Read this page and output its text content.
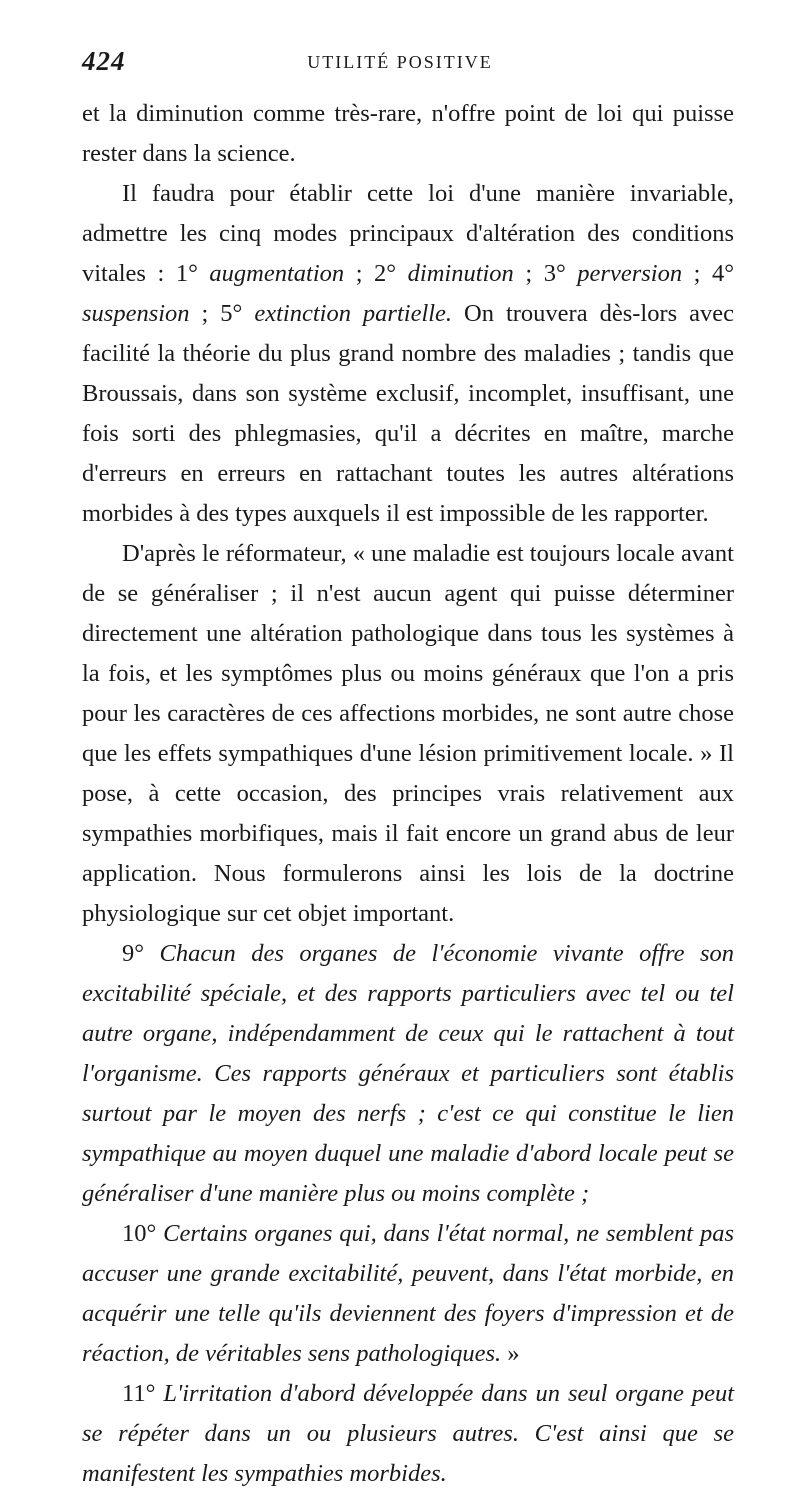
424	UTILITÉ POSITIVE

et la diminution comme très-rare, n'offre point de loi qui puisse rester dans la science.

Il faudra pour établir cette loi d'une manière invariable, admettre les cinq modes principaux d'altération des conditions vitales : 1° augmentation ; 2° diminution ; 3° perversion ; 4° suspension ; 5° extinction partielle. On trouvera dès-lors avec facilité la théorie du plus grand nombre des maladies ; tandis que Broussais, dans son système exclusif, incomplet, insuffisant, une fois sorti des phlegmasies, qu'il a décrites en maître, marche d'erreurs en erreurs en rattachant toutes les autres altérations morbides à des types auxquels il est impossible de les rapporter.

D'après le réformateur, « une maladie est toujours locale avant de se généraliser ; il n'est aucun agent qui puisse déterminer directement une altération pathologique dans tous les systèmes à la fois, et les symptômes plus ou moins généraux que l'on a pris pour les caractères de ces affections morbides, ne sont autre chose que les effets sympathiques d'une lésion primitivement locale. » Il pose, à cette occasion, des principes vrais relativement aux sympathies morbifiques, mais il fait encore un grand abus de leur application. Nous formulerons ainsi les lois de la doctrine physiologique sur cet objet important.

9° Chacun des organes de l'économie vivante offre son excitabilité spéciale, et des rapports particuliers avec tel ou tel autre organe, indépendamment de ceux qui le rattachent à tout l'organisme. Ces rapports généraux et particuliers sont établis surtout par le moyen des nerfs ; c'est ce qui constitue le lien sympathique au moyen duquel une maladie d'abord locale peut se généraliser d'une manière plus ou moins complète ;

10° Certains organes qui, dans l'état normal, ne semblent pas accuser une grande excitabilité, peuvent, dans l'état morbide, en acquérir une telle qu'ils deviennent des foyers d'impression et de réaction, de véritables sens pathologiques. »

11° L'irritation d'abord développée dans un seul organe peut se répéter dans un ou plusieurs autres. C'est ainsi que se manifestent les sympathies morbides.
